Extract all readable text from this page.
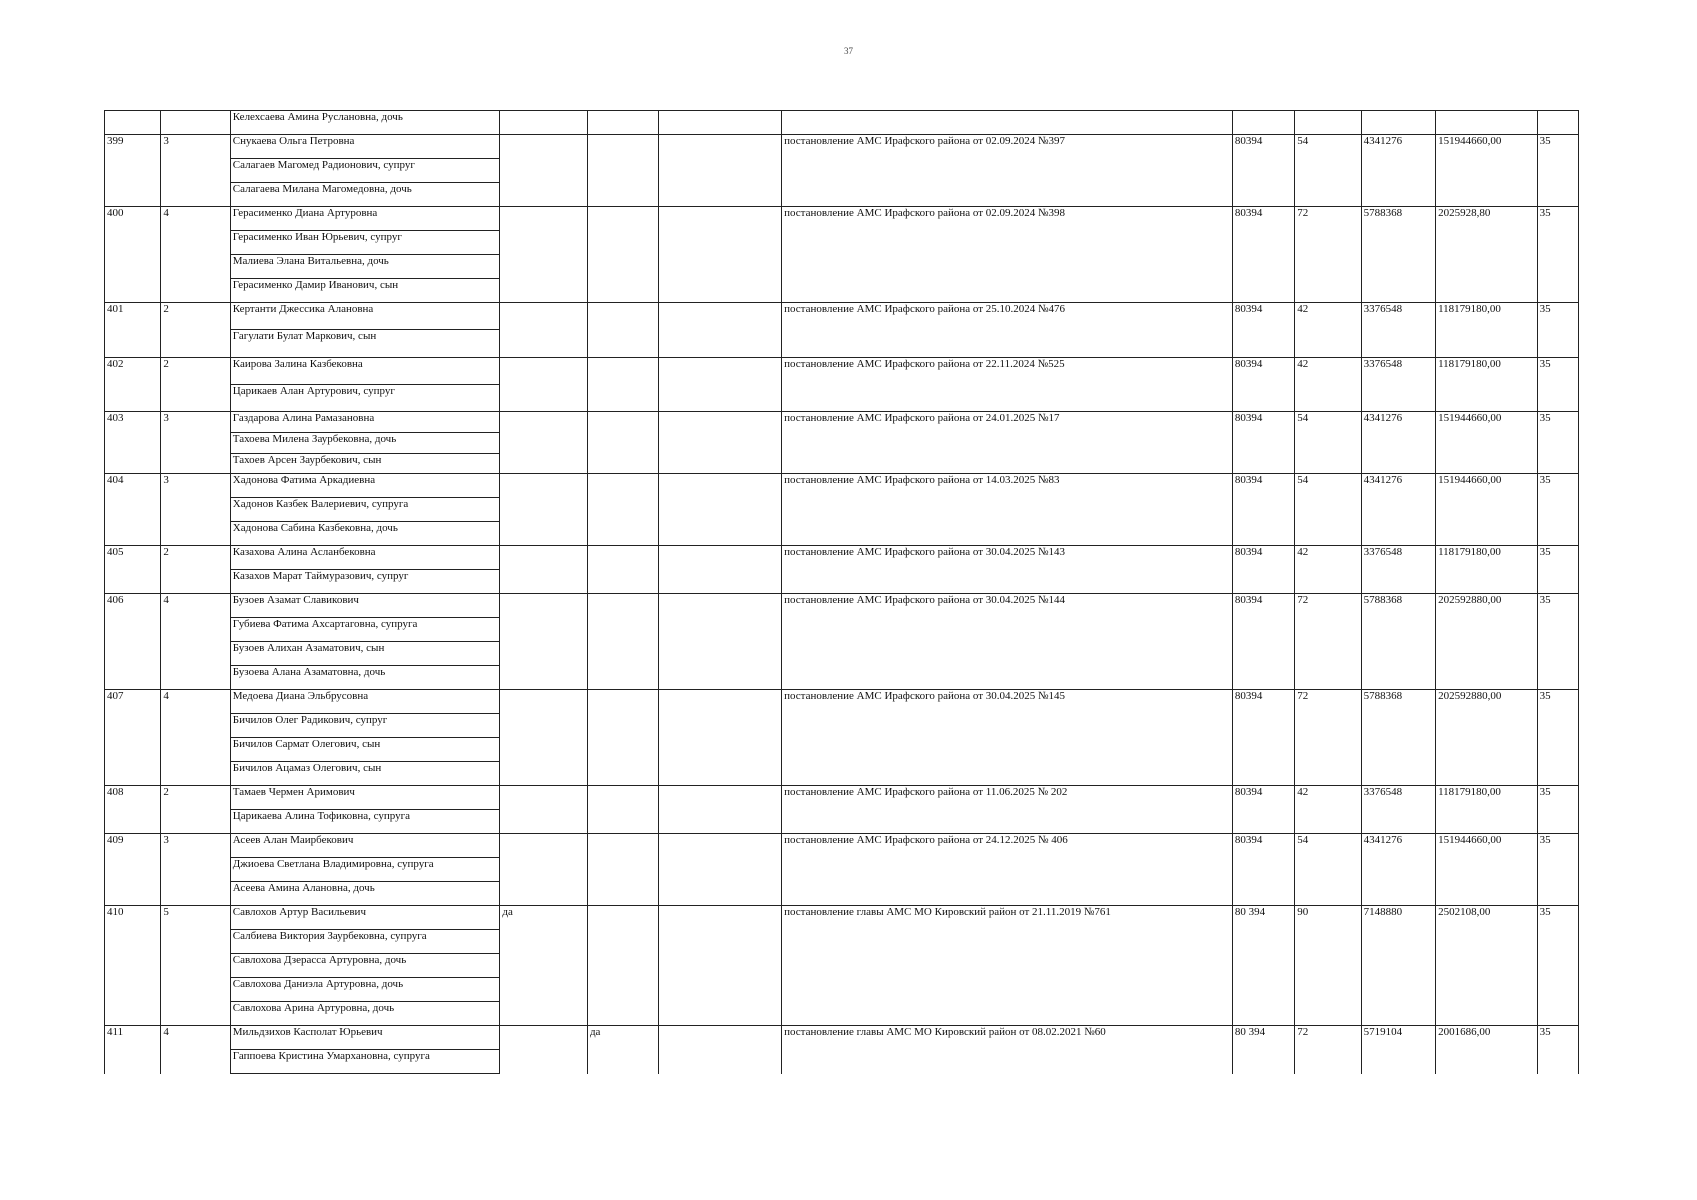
37
		Келехсаева Амина Руслановна, дочь									
399	3	Снукаева Ольга Петровна				постановление АМС Ирафского района от 02.09.2024 №397	80394	54	4341276	151944660,00	35
		Салагаев Магомед Радионович, супруг									
		Салагаева Милана Магомедовна, дочь									
400	4	Герасименко Диана Артуровна				постановление АМС Ирафского района от 02.09.2024 №398	80394	72	5788368	2025928,80	35
		Герасименко Иван Юрьевич, супруг									
		Малиева Элана Витальевна, дочь									
		Герасименко Дамир Иванович, сын									
401	2	Кертанти Джессика Алановна				постановление АМС Ирафского района от 25.10.2024 №476	80394	42	3376548	118179180,00	35
		Гагулати Булат Маркович, сын									
402	2	Каирова Залина Казбековна				постановление АМС Ирафского района от 22.11.2024 №525	80394	42	3376548	118179180,00	35
		Царикаев Алан Артурович, супруг									
403	3	Газдарова Алина Рамазановна				постановление АМС Ирафского района от 24.01.2025 №17	80394	54	4341276	151944660,00	35
		Тахоева Милена Заурбековна, дочь									
		Тахоев Арсен Заурбекович, сын									
404	3	Хадонова Фатима Аркадиевна				постановление АМС Ирафского района от 14.03.2025 №83	80394	54	4341276	151944660,00	35
		Хадонов Казбек Валериевич, супруга									
		Хадонова Сабина Казбековна, дочь									
405	2	Казахова Алина Асланбековна				постановление АМС Ирафского района от 30.04.2025 №143	80394	42	3376548	118179180,00	35
		Казахов Марат Таймуразович, супруг									
406	4	Бузоев Азамат Славикович				постановление АМС Ирафского района от 30.04.2025 №144	80394	72	5788368	202592880,00	35
		Губиева Фатима Ахсартаговна, супруга									
		Бузоев Алихан Азаматович, сын									
		Бузоева Алана Азаматовна, дочь									
407	4	Медоева Диана Эльбрусовна				постановление АМС Ирафского района от 30.04.2025 №145	80394	72	5788368	202592880,00	35
		Бичилов Олег Радикович, супруг									
		Бичилов Сармат Олегович, сын									
		Бичилов Ацамаз Олегович, сын									
408	2	Тамаев Чермен Аримович				постановление АМС Ирафского района от 11.06.2025 № 202	80394	42	3376548	118179180,00	35
		Царикаева Алина Тофиковна, супруга									
409	3	Асеев Алан Маирбекович				постановление АМС Ирафского района от 24.12.2025 № 406	80394	54	4341276	151944660,00	35
		Джиоева Светлана Владимировна, супруга									
		Асеева Амина Алановна, дочь									
410	5	Савлохов Артур Васильевич	да			постановление главы АМС МО Кировский район от 21.11.2019 №761	80 394	90	7148880	2502108,00	35
		Салбиева Виктория Заурбековна, супруга									
		Савлохова Дзерасса Артуровна, дочь									
		Савлохова Даниэла Артуровна, дочь									
		Савлохова Арина Артуровна, дочь									
411	4	Мильдзихов Касполат Юрьевич		да		постановление главы АМС МО Кировский район от 08.02.2021 №60	80 394	72	5719104	2001686,00	35
		Гаппоева Кристина Умархановна, супруга									
